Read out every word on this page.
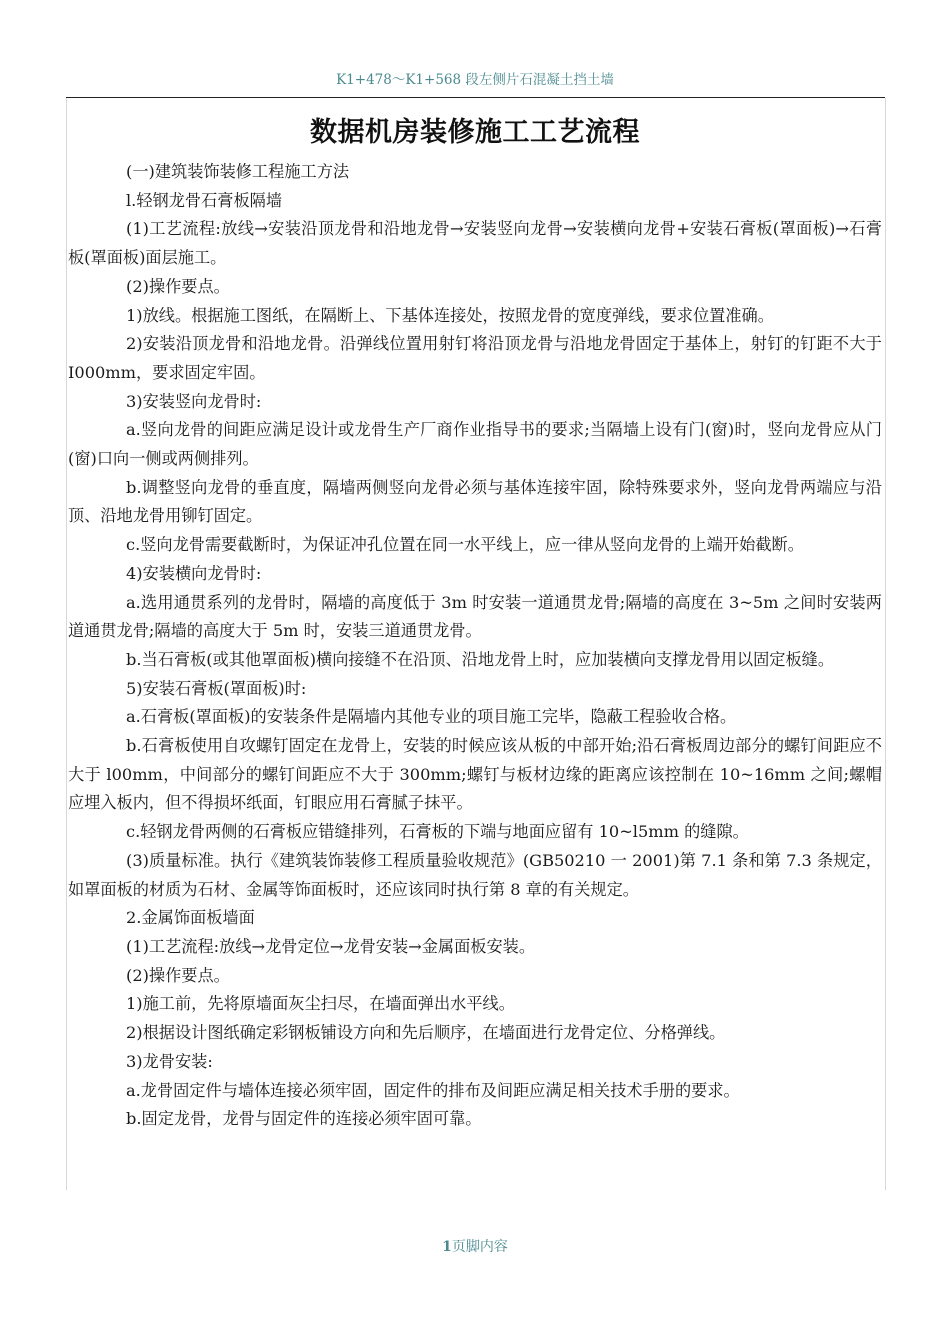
K1+478～K1+568 段左侧片石混凝土挡土墙
数据机房装修施工工艺流程

(一)建筑装饰装修工程施工方法

l.轻钢龙骨石膏板隔墙

(1)工艺流程:放线→安装沿顶龙骨和沿地龙骨→安装竖向龙骨→安装横向龙骨+安装石膏板(罩面板)→石膏板(罩面板)面层施工。

(2)操作要点。

1)放线。根据施工图纸，在隔断上、下基体连接处，按照龙骨的宽度弹线，要求位置准确。

2)安装沿顶龙骨和沿地龙骨。沿弹线位置用射钉将沿顶龙骨与沿地龙骨固定于基体上，射钉的钉距不大于 I000mm，要求固定牢固。

3)安装竖向龙骨时:

a.竖向龙骨的间距应满足设计或龙骨生产厂商作业指导书的要求;当隔墙上设有门(窗)时，竖向龙骨应从门(窗)口向一侧或两侧排列。

b.调整竖向龙骨的垂直度，隔墙两侧竖向龙骨必须与基体连接牢固，除特殊要求外，竖向龙骨两端应与沿顶、沿地龙骨用铆钉固定。

c.竖向龙骨需要截断时，为保证冲孔位置在同一水平线上，应一律从竖向龙骨的上端开始截断。

4)安装横向龙骨时:

a.选用通贯系列的龙骨时，隔墙的高度低于 3m 时安装一道通贯龙骨;隔墙的高度在 3~5m 之间时安装两道通贯龙骨;隔墙的高度大于 5m 时，安装三道通贯龙骨。

b.当石膏板(或其他罩面板)横向接缝不在沿顶、沿地龙骨上时，应加装横向支撑龙骨用以固定板缝。

5)安装石膏板(罩面板)时:

a.石膏板(罩面板)的安装条件是隔墙内其他专业的项目施工完毕，隐蔽工程验收合格。

b.石膏板使用自攻螺钉固定在龙骨上，安装的时候应该从板的中部开始;沿石膏板周边部分的螺钉间距应不大于 l00mm，中间部分的螺钉间距应不大于 300mm;螺钉与板材边缘的距离应该控制在 10~16mm 之间;螺帽应埋入板内，但不得损坏纸面，钉眼应用石膏腻子抹平。

c.轻钢龙骨两侧的石膏板应错缝排列，石膏板的下端与地面应留有 10~l5mm 的缝隙。

(3)质量标准。执行《建筑装饰装修工程质量验收规范》(GB50210 一 2001)第 7.1 条和第 7.3 条规定，如罩面板的材质为石材、金属等饰面板时，还应该同时执行第 8 章的有关规定。

2.金属饰面板墙面

(1)工艺流程:放线→龙骨定位→龙骨安装→金属面板安装。

(2)操作要点。

1)施工前，先将原墙面灰尘扫尽，在墙面弹出水平线。

2)根据设计图纸确定彩钢板铺设方向和先后顺序，在墙面进行龙骨定位、分格弹线。

3)龙骨安装:

a.龙骨固定件与墙体连接必须牢固，固定件的排布及间距应满足相关技术手册的要求。

b.固定龙骨，龙骨与固定件的连接必须牢固可靠。

1页脚内容
